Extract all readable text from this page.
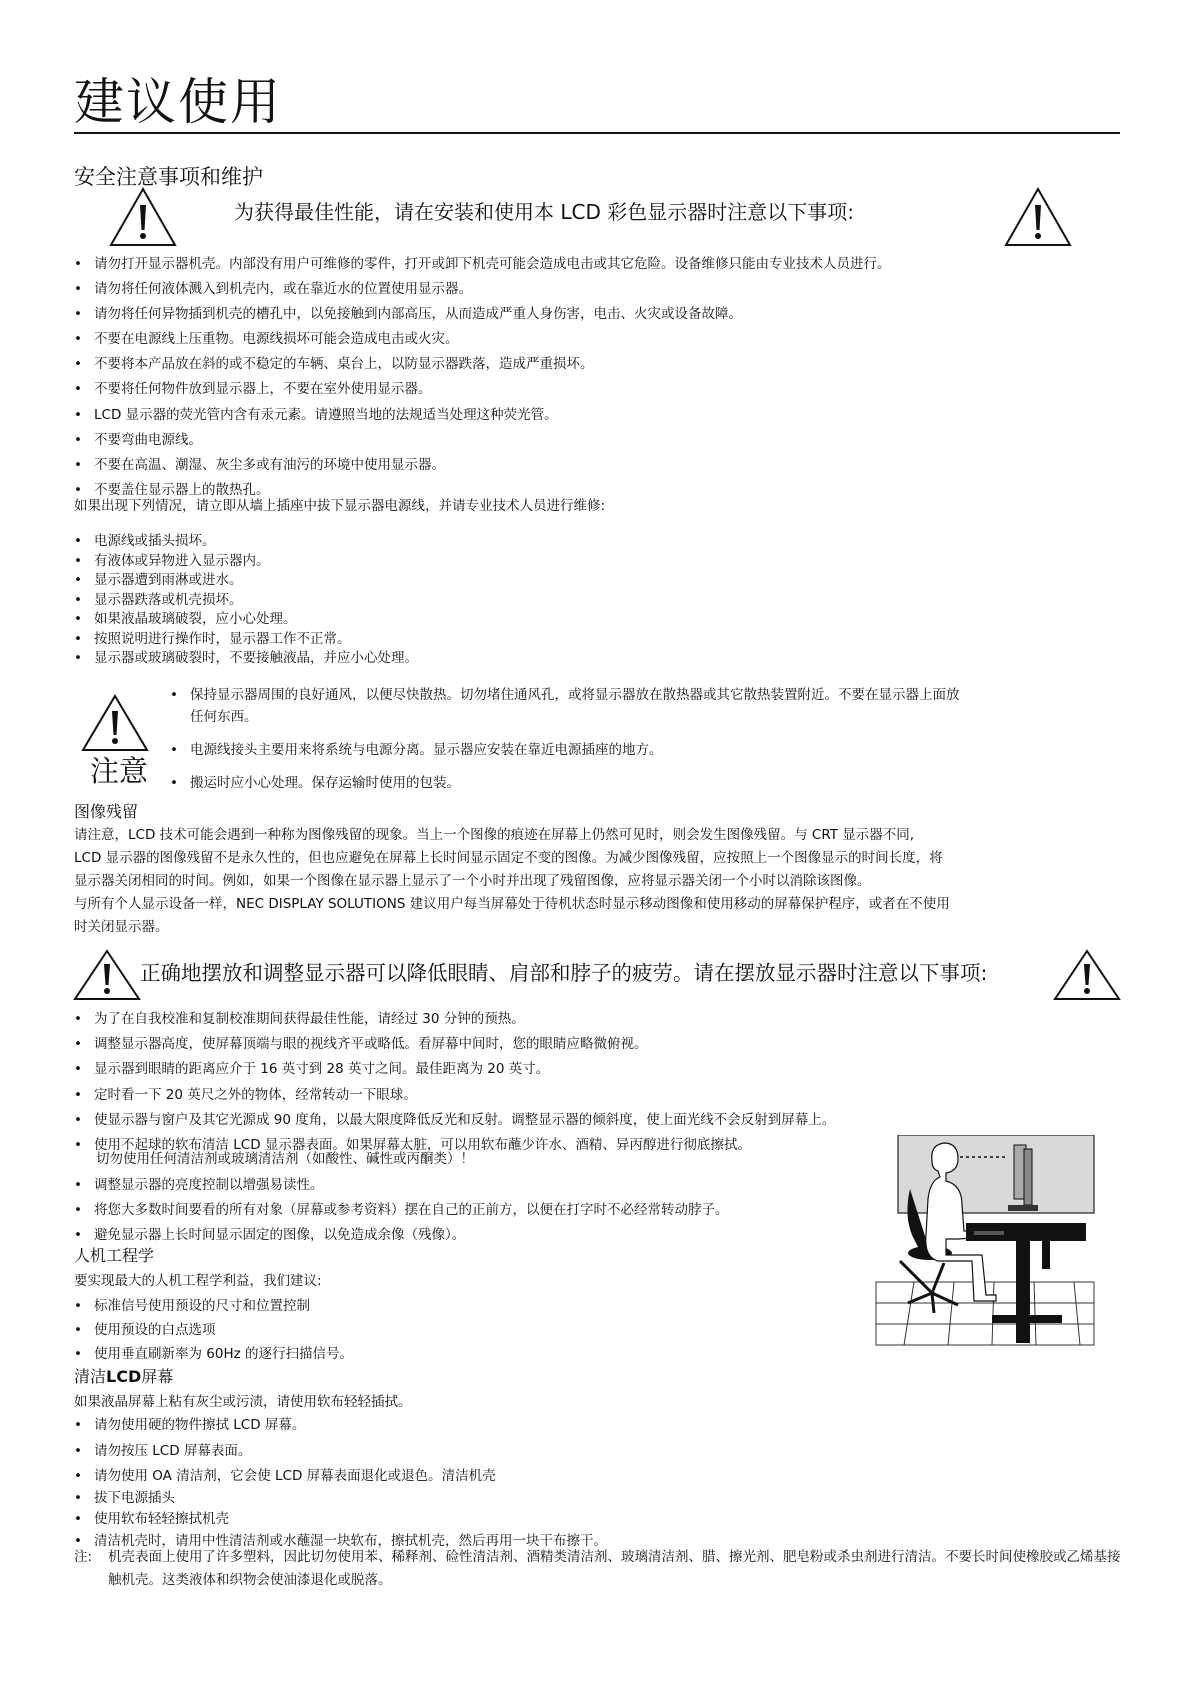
建议使用
安全注意事项和维护
为获得最佳性能，请在安装和使用本 LCD 彩色显示器时注意以下事项:
• 请勿打开显示器机壳。内部没有用户可维修的零件，打开或卸下机壳可能会造成电击或其它危险。设备维修只能由专业技术人员进行。
• 请勿将任何液体溅入到机壳内，或在靠近水的位置使用显示器。
• 请勿将任何异物插到机壳的槽孔中，以免接触到内部高压，从而造成严重人身伤害，电击、火灾或设备故障。
• 不要在电源线上压重物。电源线损坏可能会造成电击或火灾。
• 不要将本产品放在斜的或不稳定的车辆、桌台上，以防显示器跌落，造成严重损坏。
• 不要将任何物件放到显示器上，不要在室外使用显示器。
• LCD 显示器的荧光管内含有汞元素。请遵照当地的法规适当处理这种荧光管。
• 不要弯曲电源线。
• 不要在高温、潮湿、灰尘多或有油污的环境中使用显示器。
• 不要盖住显示器上的散热孔。
如果出现下列情况，请立即从墙上插座中拔下显示器电源线，并请专业技术人员进行维修:
• 电源线或插头损坏。
• 有液体或异物进入显示器内。
• 显示器遭到雨淋或进水。
• 显示器跌落或机壳损坏。
• 如果液晶玻璃破裂，应小心处理。
• 按照说明进行操作时，显示器工作不正常。
• 显示器或玻璃破裂时，不要接触液晶，并应小心处理。
注意
• 保持显示器周围的良好通风，以便尽快散热。切勿堵住通风孔，或将显示器放在散热器或其它散热装置附近。不要在显示器上面放
任何东西。
• 电源线接头主要用来将系统与电源分离。显示器应安装在靠近电源插座的地方。
• 搬运时应小心处理。保存运输时使用的包装。
图像残留
请注意，LCD 技术可能会遇到一种称为图像残留的现象。当上一个图像的痕迹在屏幕上仍然可见时，则会发生图像残留。与 CRT 显示器不同,
LCD 显示器的图像残留不是永久性的，但也应避免在屏幕上长时间显示固定不变的图像。为减少图像残留，应按照上一个图像显示的时间长度，将
显示器关闭相同的时间。例如，如果一个图像在显示器上显示了一个小时并出现了残留图像，应将显示器关闭一个小时以消除该图像。
与所有个人显示设备一样，NEC DISPLAY SOLUTIONS 建议用户每当屏幕处于待机状态时显示移动图像和使用移动的屏幕保护程序，或者在不使用
时关闭显示器。
正确地摆放和调整显示器可以降低眼睛、肩部和脖子的疲劳。请在摆放显示器时注意以下事项:
• 为了在自我校准和复制校准期间获得最佳性能，请经过 30 分钟的预热。
• 调整显示器高度，使屏幕顶端与眼的视线齐平或略低。看屏幕中间时，您的眼睛应略微俯视。
• 显示器到眼睛的距离应介于 16 英寸到 28 英寸之间。最佳距离为 20 英寸。
• 定时看一下 20 英尺之外的物体，经常转动一下眼球。
• 使显示器与窗户及其它光源成 90 度角，以最大限度降低反光和反射。调整显示器的倾斜度，使上面光线不会反射到屏幕上。
• 使用不起球的软布清洁 LCD 显示器表面。如果屏幕太脏，可以用软布蘸少许水、酒精、异丙醇进行彻底擦拭。
切勿使用任何清洁剂或玻璃清洁剂（如酸性、碱性或丙酮类）！
• 调整显示器的亮度控制以增强易读性。
• 将您大多数时间要看的所有对象（屏幕或参考资料）摆在自己的正前方，以便在打字时不必经常转动脖子。
• 避免显示器上长时间显示固定的图像，以免造成余像（残像）。
人机工程学
要实现最大的人机工程学利益，我们建议:
• 标准信号使用预设的尺寸和位置控制
• 使用预设的白点选项
• 使用垂直刷新率为 60Hz 的逐行扫描信号。
清洁LCD屏幕
如果液晶屏幕上粘有灰尘或污渍，请使用软布轻轻插拭。
• 请勿使用硬的物件擦拭 LCD 屏幕。
• 请勿按压 LCD 屏幕表面。
• 请勿使用 OA 清洁剂，它会使 LCD 屏幕表面退化或退色。清洁机壳
• 拔下电源插头
• 使用软布轻轻擦拭机壳
• 清洁机壳时，请用中性清洁剂或水蘸湿一块软布，擦拭机壳，然后再用一块干布擦干。
注: 机壳表面上使用了许多塑料，因此切勿使用苯、稀释剂、硷性清洁剂、酒精类清洁剂、玻璃清洁剂、腊、擦光剂、肥皂粉或杀虫剂进行清洁。不要长时间使橡胶或乙烯基接触机壳。这类液体和织物会使油漆退化或脱落。
